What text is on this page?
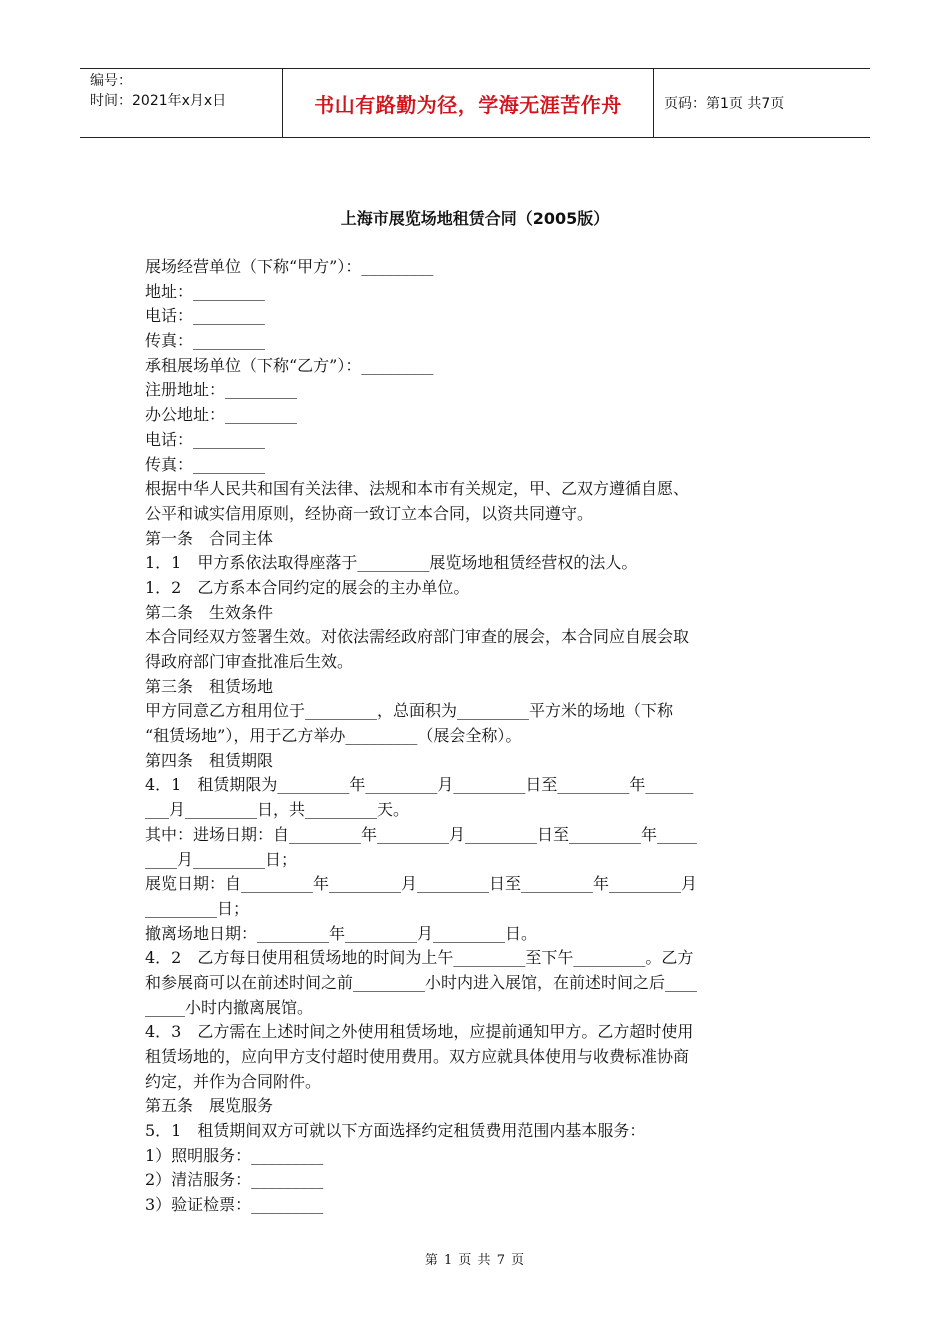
编号：
时间：2021年x月x日	书山有路勤为径，学海无涯苦作舟	页码：第1页 共7页
上海市展览场地租赁合同（2005版）
展场经营单位（下称“甲方”）：_________
地址：_________
电话：_________
传真：_________
承租展场单位（下称“乙方”）：_________
注册地址：_________
办公地址：_________
电话：_________
传真：_________
根据中华人民共和国有关法律、法规和本市有关规定，甲、乙双方遵循自愿、
公平和诚实信用原则，经协商一致订立本合同，以资共同遵守。
第一条　合同主体
1．1　甲方系依法取得座落于_________展览场地租赁经营权的法人。
1．2　乙方系本合同约定的展会的主办单位。
第二条　生效条件
本合同经双方签署生效。对依法需经政府部门审查的展会，本合同应自展会取
得政府部门审查批准后生效。
第三条　租赁场地
甲方同意乙方租用位于_________，总面积为_________平方米的场地（下称
“租赁场地”），用于乙方举办_________（展会全称）。
第四条　租赁期限
4．1　租赁期限为_________年_________月_________日至_________年______
___月_________日，共_________天。
其中：进场日期：自_________年_________月_________日至_________年_____
____月_________日；
展览日期：自_________年_________月_________日至_________年_________月
_________日；
撤离场地日期：_________年_________月_________日。
4．2　乙方每日使用租赁场地的时间为上午_________至下午_________。乙方
和参展商可以在前述时间之前_________小时内进入展馆，在前述时间之后____
_____小时内撤离展馆。
4．3　乙方需在上述时间之外使用租赁场地，应提前通知甲方。乙方超时使用
租赁场地的，应向甲方支付超时使用费用。双方应就具体使用与收费标准协商
约定，并作为合同附件。
第五条　展览服务
5．1　租赁期间双方可就以下方面选择约定租赁费用范围内基本服务：
1）照明服务：_________
2）清洁服务：_________
3）验证检票：_________
第 1 页 共 7 页
